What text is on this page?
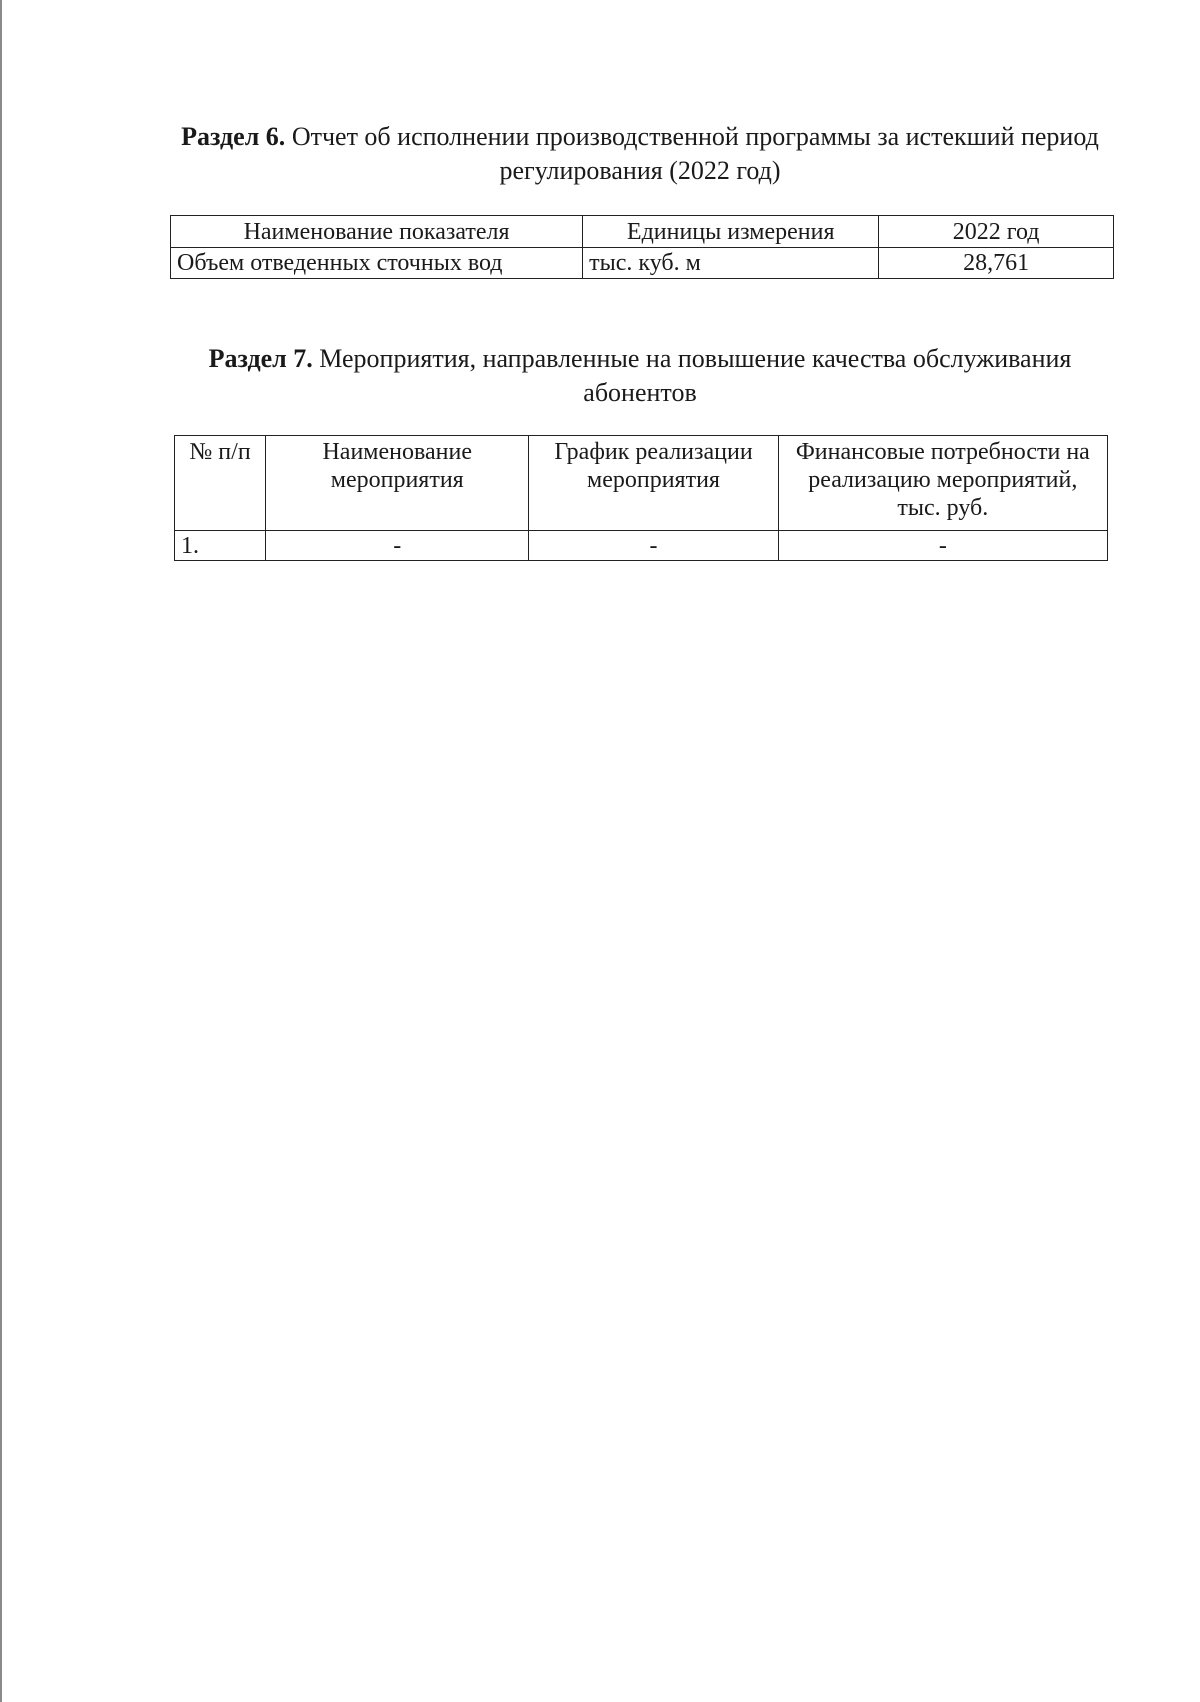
Раздел 6. Отчет об исполнении производственной программы за истекший период регулирования (2022 год)
Наименование показателя	Единицы измерения	2022 год
Объем отведенных сточных вод	тыс. куб. м	28,761
Раздел 7. Мероприятия, направленные на повышение качества обслуживания абонентов
№ п/п	Наименование мероприятия	График реализации мероприятия	Финансовые потребности на реализацию мероприятий, тыс. руб.
1.	-	-	-
